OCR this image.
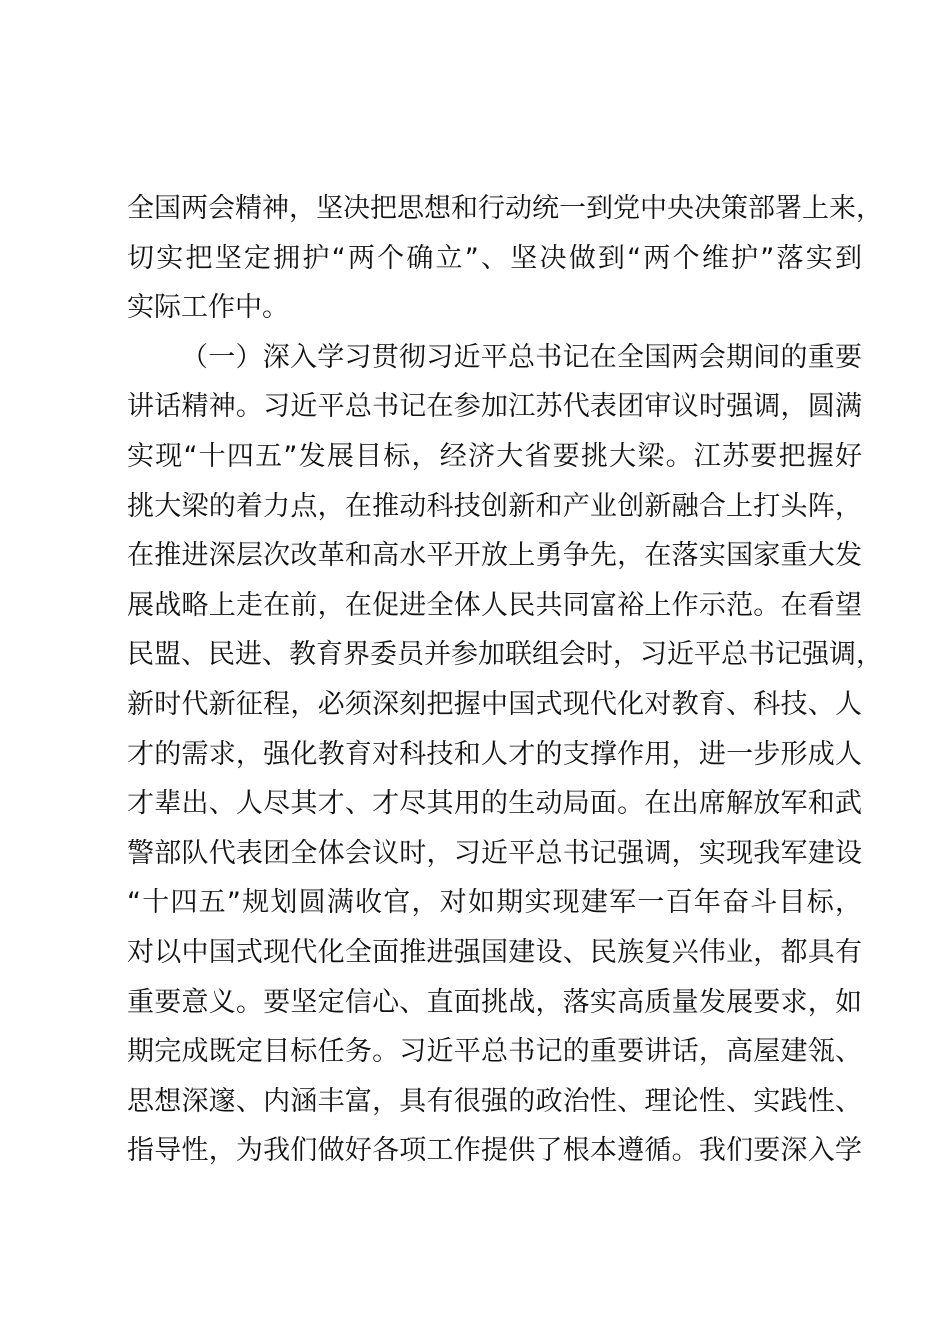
全国两会精神，坚决把思想和行动统一到党中央决策部署上来，
切实把坚定拥护“两个确立”、坚决做到“两个维护”落实到
实际工作中。
（一）深入学习贯彻习近平总书记在全国两会期间的重要
讲话精神。习近平总书记在参加江苏代表团审议时强调，圆满
实现“十四五”发展目标，经济大省要挑大梁。江苏要把握好
挑大梁的着力点，在推动科技创新和产业创新融合上打头阵，
在推进深层次改革和高水平开放上勇争先，在落实国家重大发
展战略上走在前，在促进全体人民共同富裕上作示范。在看望
民盟、民进、教育界委员并参加联组会时，习近平总书记强调，
新时代新征程，必须深刻把握中国式现代化对教育、科技、人
才的需求，强化教育对科技和人才的支撑作用，进一步形成人
才辈出、人尽其才、才尽其用的生动局面。在出席解放军和武
警部队代表团全体会议时，习近平总书记强调，实现我军建设
“十四五”规划圆满收官，对如期实现建军一百年奋斗目标，
对以中国式现代化全面推进强国建设、民族复兴伟业，都具有
重要意义。要坚定信心、直面挑战，落实高质量发展要求，如
期完成既定目标任务。习近平总书记的重要讲话，高屋建瓴、
思想深邃、内涵丰富，具有很强的政治性、理论性、实践性、
指导性，为我们做好各项工作提供了根本遵循。我们要深入学
